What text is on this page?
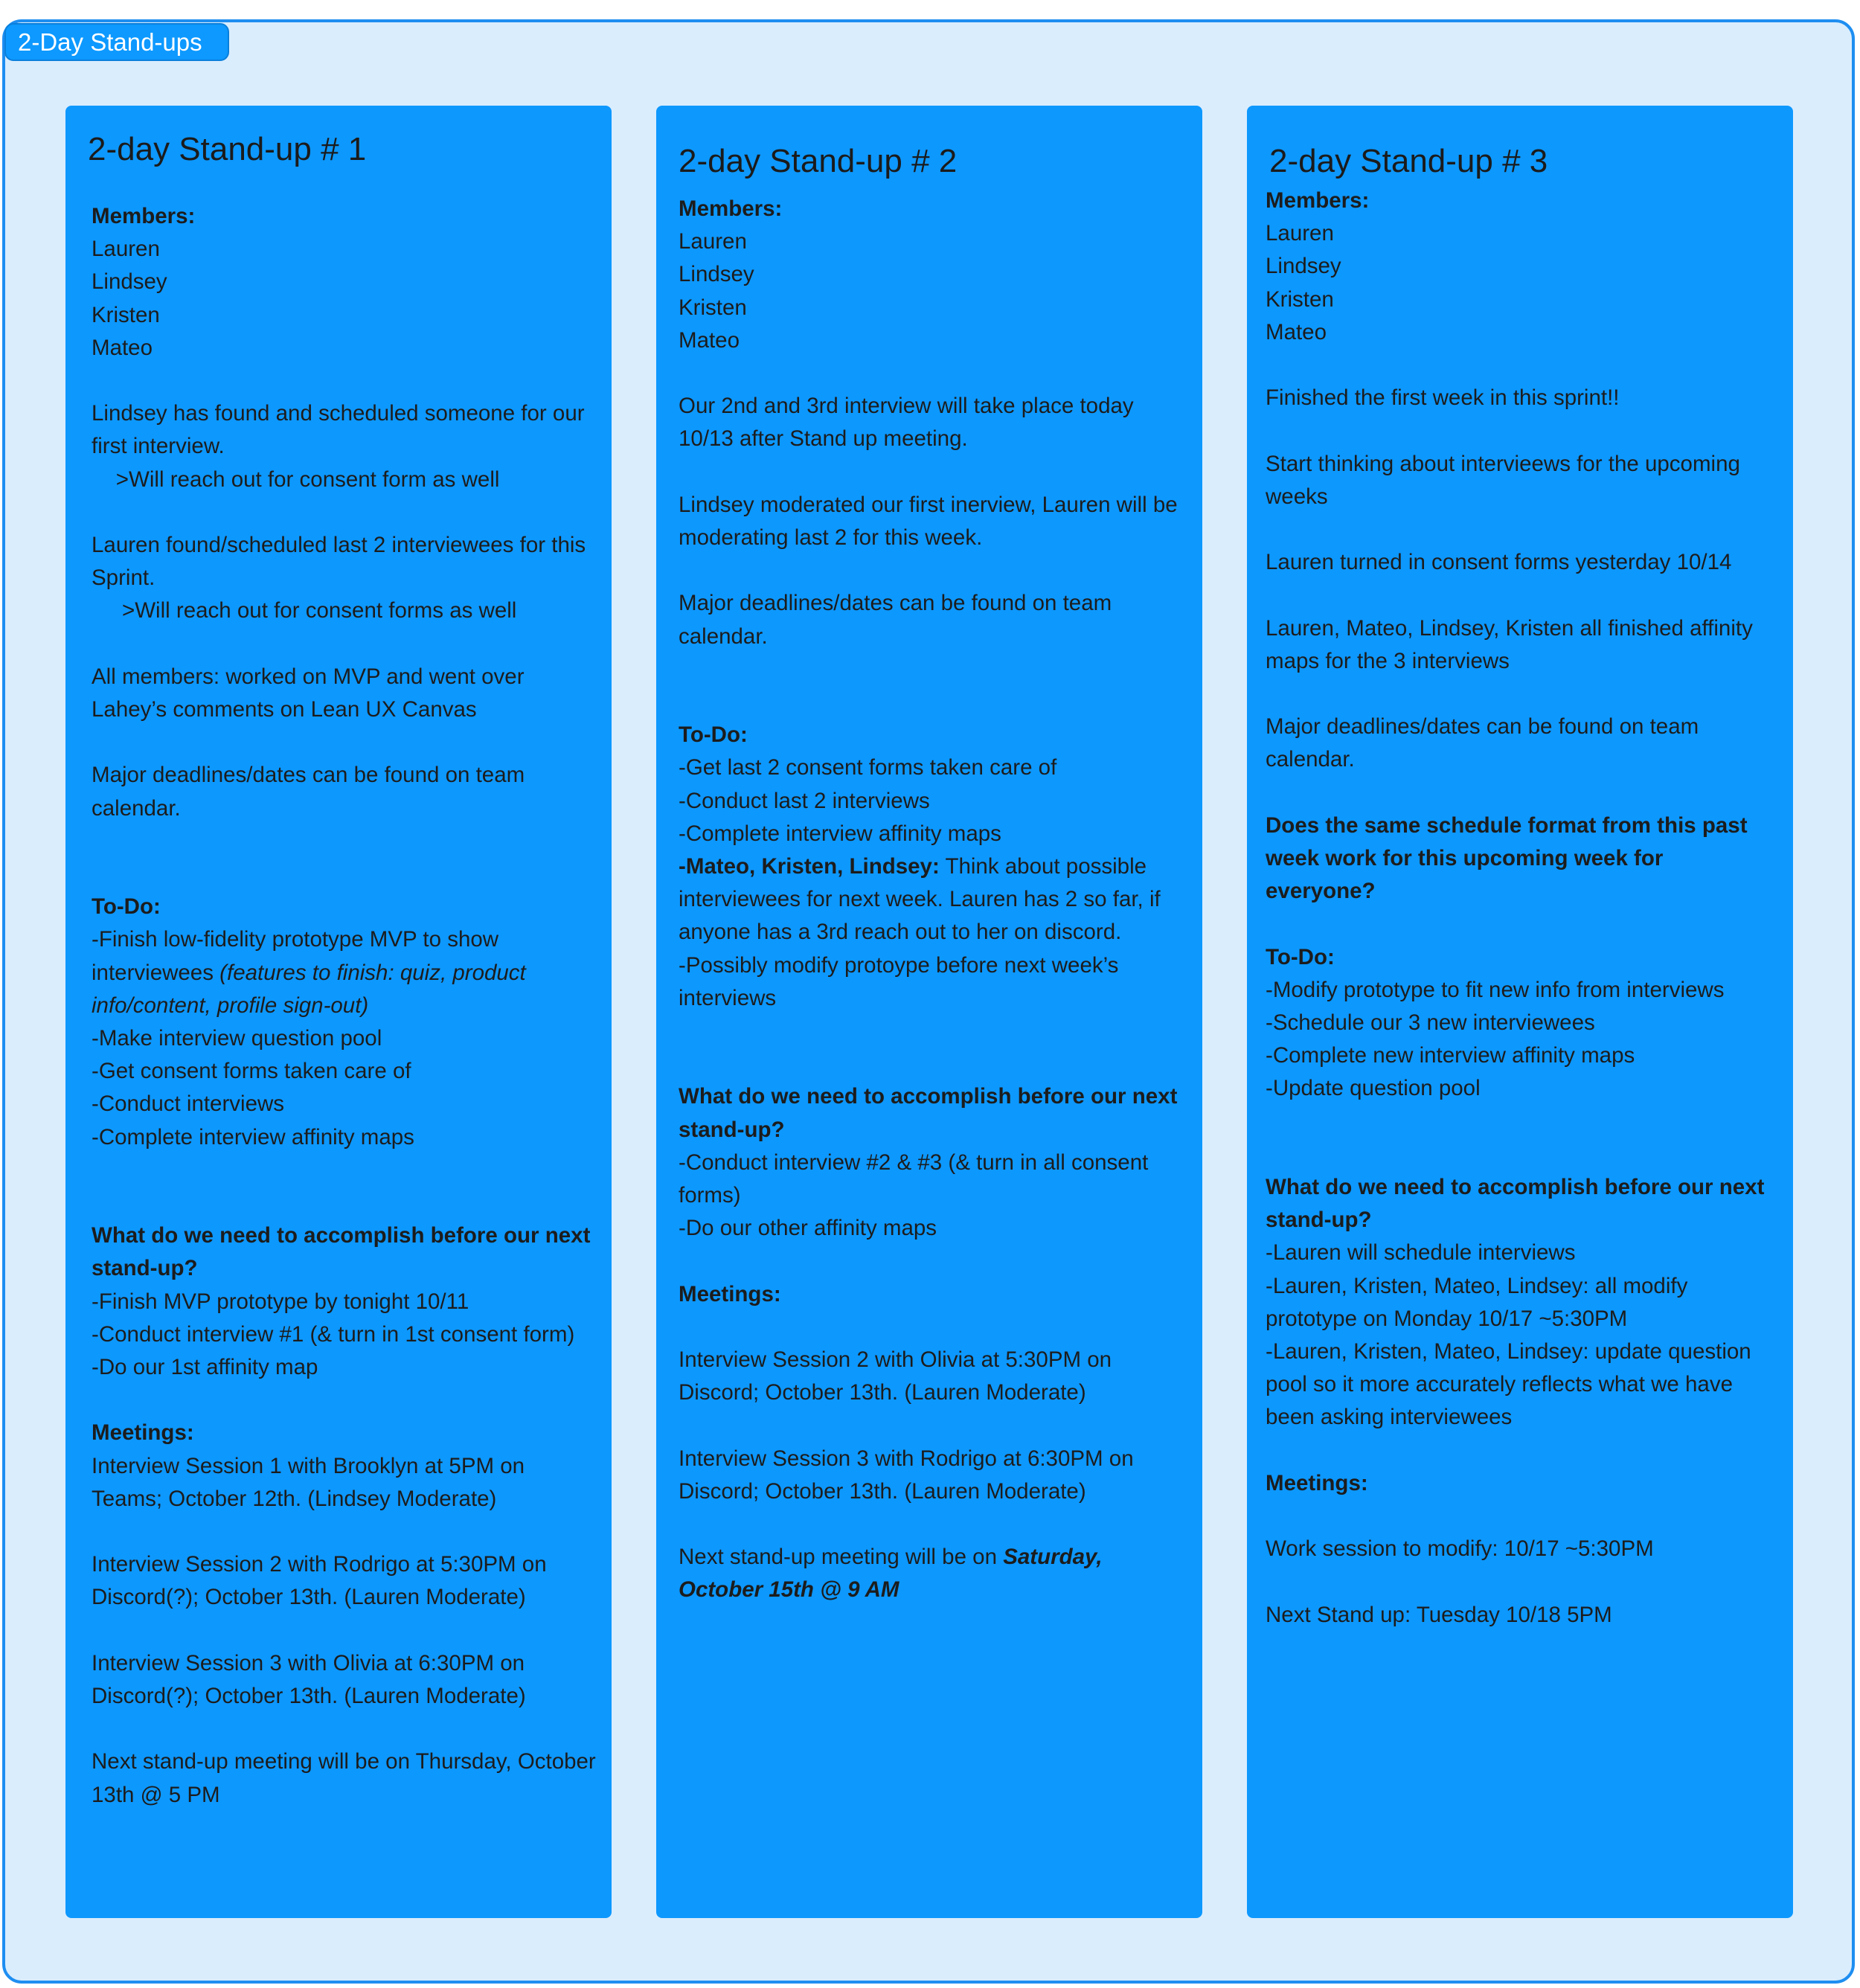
2-Day Stand-ups
2-day Stand-up # 1
Members:
Lauren
Lindsey
Kristen
Mateo
Lindsey has found and scheduled someone for our first interview.
>Will reach out for consent form as well
Lauren found/scheduled last 2 interviewees for this Sprint.
>Will reach out for consent forms as well
All members: worked on MVP and went over Lahey’s comments on Lean UX Canvas
Major deadlines/dates can be found on team calendar.
To-Do:
-Finish low-fidelity prototype MVP to show interviewees (features to finish: quiz, product info/content, profile sign-out)
-Make interview question pool
-Get consent forms taken care of
-Conduct interviews
-Complete interview affinity maps
What do we need to accomplish before our next stand-up?
-Finish MVP prototype by tonight 10/11
-Conduct interview #1 (& turn in 1st consent form)
-Do our 1st affinity map
Meetings:
Interview Session 1 with Brooklyn at 5PM on Teams; October 12th. (Lindsey Moderate)
Interview Session 2 with Rodrigo at 5:30PM on Discord(?); October 13th. (Lauren Moderate)
Interview Session 3 with Olivia at 6:30PM on Discord(?); October 13th. (Lauren Moderate)
Next stand-up meeting will be on Thursday, October 13th @ 5 PM
2-day Stand-up # 2
Members:
Lauren
Lindsey
Kristen
Mateo
Our 2nd and 3rd interview will take place today 10/13 after Stand up meeting.
Lindsey moderated our first inerview, Lauren will be moderating last 2 for this week.
Major deadlines/dates can be found on team calendar.
To-Do:
-Get last 2 consent forms taken care of
-Conduct last 2 interviews
-Complete interview affinity maps
-Mateo, Kristen, Lindsey: Think about possible interviewees for next week. Lauren has 2 so far, if anyone has a 3rd reach out to her on discord.
-Possibly modify protoype before next week’s interviews
What do we need to accomplish before our next stand-up?
-Conduct interview #2 & #3 (& turn in all consent forms)
-Do our other affinity maps
Meetings:
Interview Session 2 with Olivia at 5:30PM on Discord; October 13th. (Lauren Moderate)
Interview Session 3 with Rodrigo at 6:30PM on Discord; October 13th. (Lauren Moderate)
Next stand-up meeting will be on Saturday, October 15th @ 9 AM
2-day Stand-up # 3
Members:
Lauren
Lindsey
Kristen
Mateo
Finished the first week in this sprint!!
Start thinking about intervieews for the upcoming weeks
Lauren turned in consent forms yesterday 10/14
Lauren, Mateo, Lindsey, Kristen all finished affinity maps for the 3 interviews
Major deadlines/dates can be found on team calendar.
Does the same schedule format from this past week work for this upcoming week for everyone?
To-Do:
-Modify prototype to fit new info from interviews
-Schedule our 3 new interviewees
-Complete new interview affinity maps
-Update question pool
What do we need to accomplish before our next stand-up?
-Lauren will schedule interviews
-Lauren, Kristen, Mateo, Lindsey: all modify prototype on Monday 10/17 ~5:30PM
-Lauren, Kristen, Mateo, Lindsey: update question pool so it more accurately reflects what we have been asking interviewees
Meetings:
Work session to modify: 10/17 ~5:30PM
Next Stand up: Tuesday 10/18 5PM
